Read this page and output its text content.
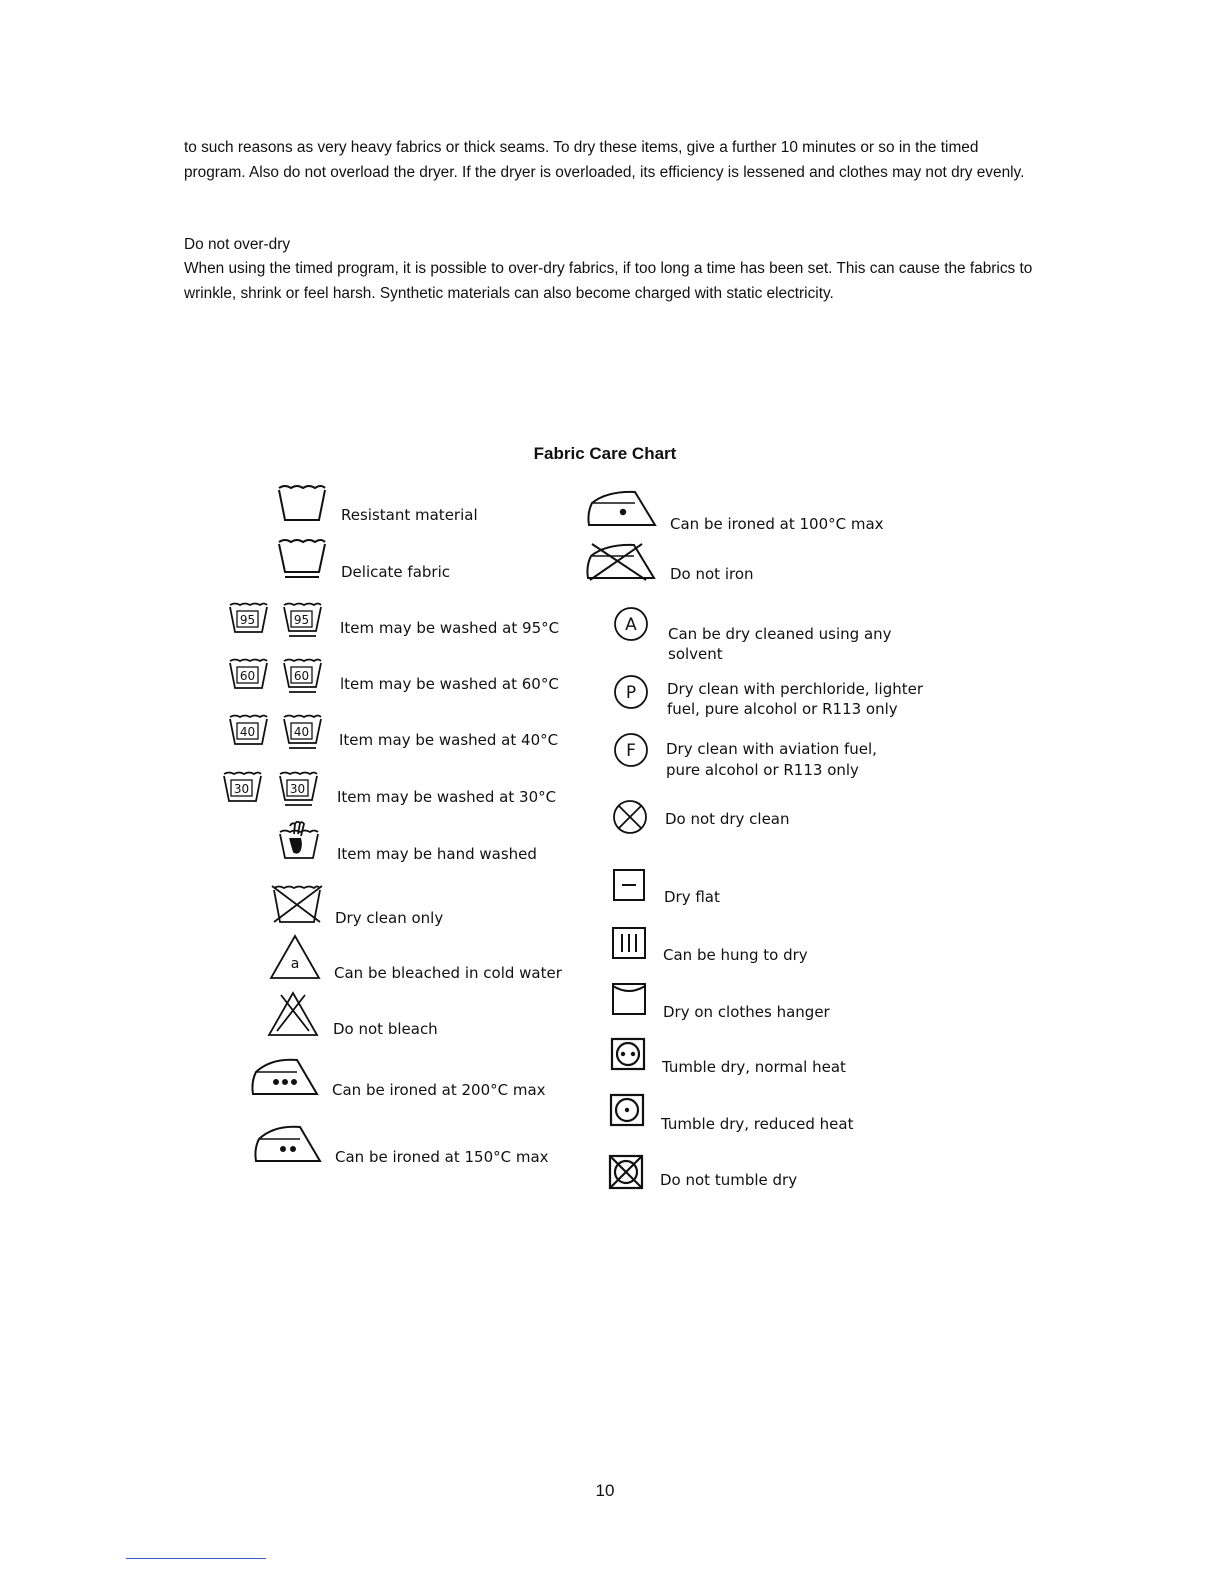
to such reasons as very heavy fabrics or thick seams. To dry these items, give a further 10 minutes or so in the timed program. Also do not overload the dryer. If the dryer is overloaded, its efficiency is lessened and clothes may not dry evenly.

Do not over-dry

When using the timed program, it is possible to over-dry fabrics, if too long a time has been set. This can cause the fabrics to wrinkle, shrink or feel harsh. Synthetic materials can also become charged with static electricity.

Fabric Care Chart
Resistant material
Delicate fabric
95	95 Item may be washed at 95°C
60	60 ltem may be washed at 60°C
40	40 Item may be washed at 40°C
30	30 Item may be washed at 30°C
Item may be hand washed
Dry clean only
a Can be bleached in cold water
Do not bleach
Can be ironed at 200°C max
Can be ironed at 150°C max
Can be ironed at 100°C max
Do not iron
A Can be dry cleaned using any
solvent
P Dry clean with perchloride, lighter
fuel, pure alcohol or R113 only
F Dry clean with aviation fuel,
pure alcohol or R113 only
Do not dry clean
Dry flat
Can be hung to dry
Dry on clothes hanger
Tumble dry, normal heat
Tumble dry, reduced heat
Do not tumble dry
10
